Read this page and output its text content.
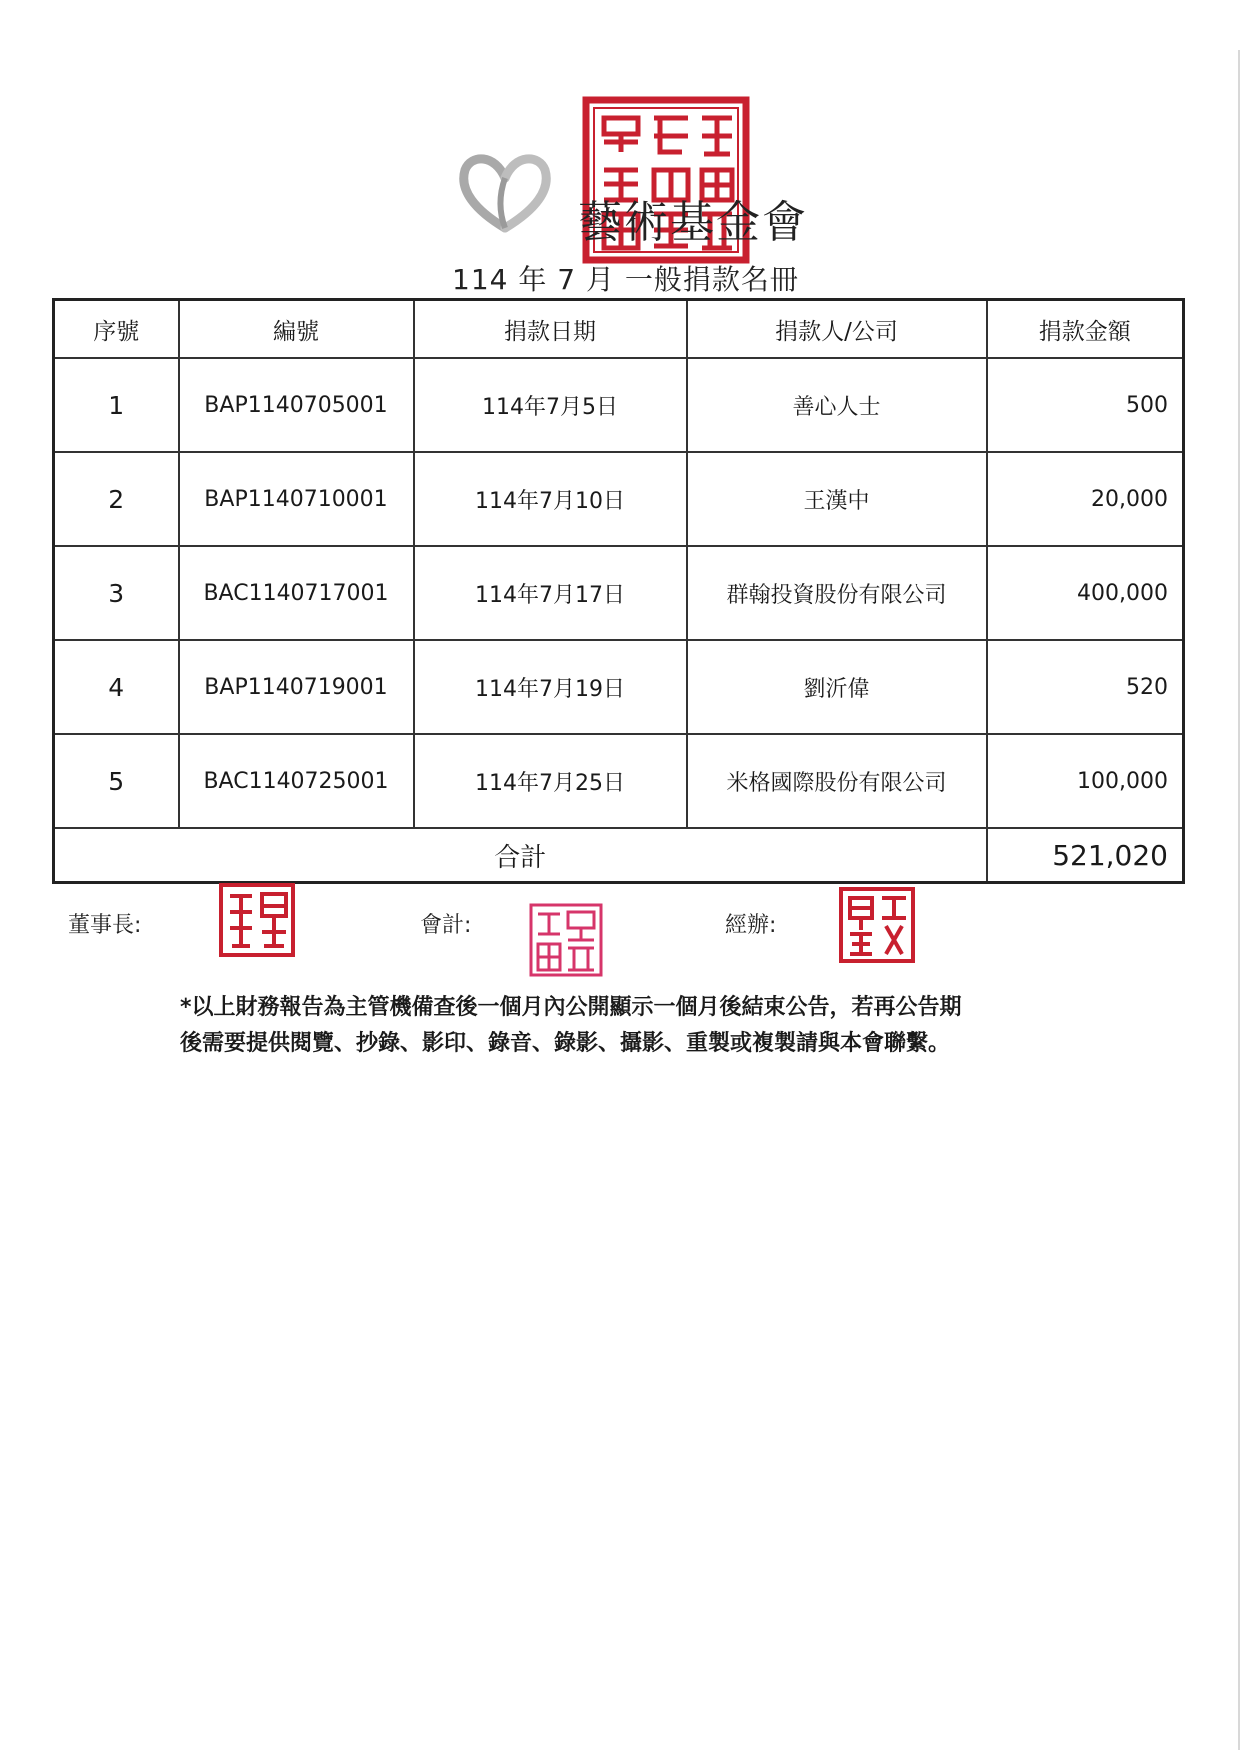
藝術基金會
114 年 7 月 一般捐款名冊
序號	編號	捐款日期	捐款人/公司	捐款金額
1	BAP1140705001	114年7月5日	善心人士	500
2	BAP1140710001	114年7月10日	王漢中	20,000
3	BAC1140717001	114年7月17日	群翰投資股份有限公司	400,000
4	BAP1140719001	114年7月19日	劉沂偉	520
5	BAC1140725001	114年7月25日	米格國際股份有限公司	100,000
合計				521,020
董事長:	會計:	經辦:
*以上財務報告為主管機備查後一個月內公開顯示一個月後結束公告，若再公告期
後需要提供閱覽、抄錄、影印、錄音、錄影、攝影、重製或複製請與本會聯繫。
